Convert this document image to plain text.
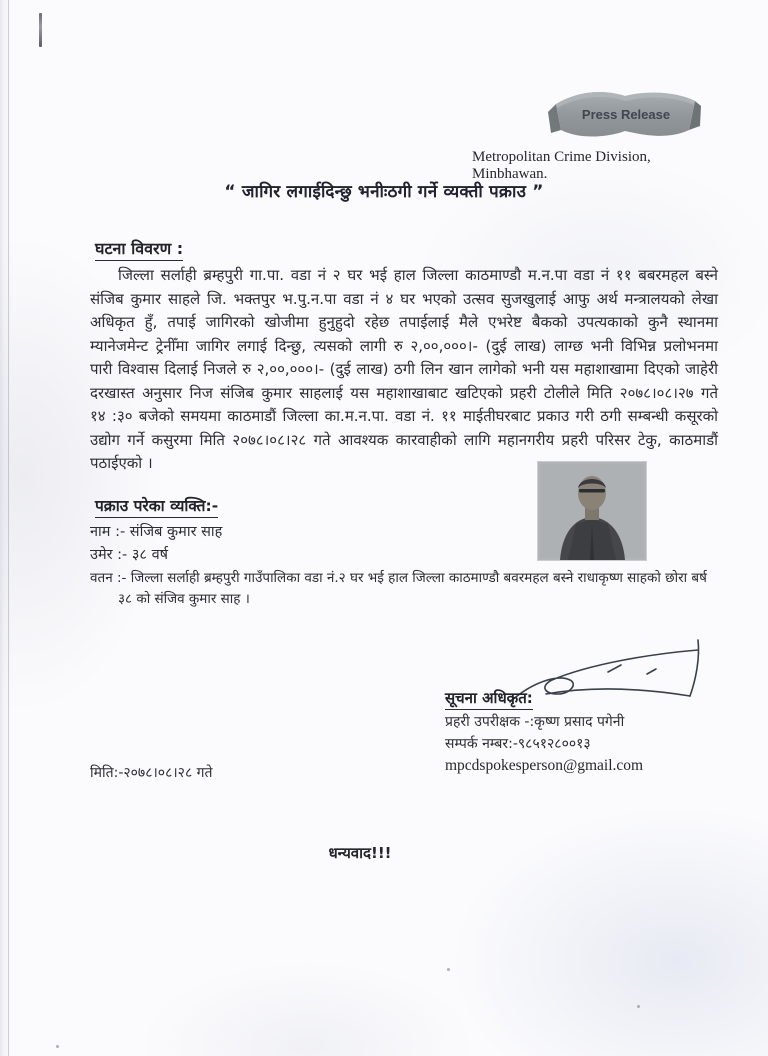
Press Release
Metropolitan Crime Division, Minbhawan.
“ जागिर लगाईदिन्छु भनीःठगी गर्ने व्यक्ती पक्राउ ”
घटना विवरण :
जिल्ला सर्लाही ब्रम्हपुरी गा.पा. वडा नं २ घर भई हाल जिल्ला काठमाण्डौ म.न.पा वडा नं ११ बबरमहल बस्ने
संजिब कुमार साहले जि. भक्तपुर भ.पु.न.पा वडा नं ४ घर भएको उत्सव सुजखुलाई आफु अर्थ मन्त्रालयको लेखा
अधिकृत हुँ, तपाई जागिरको खोजीमा हुनुहुदो रहेछ तपाईलाई मैले एभरेष्ट बैकको उपत्यकाको कुनै स्थानमा
म्यानेजमेन्ट ट्रेनीँमा जागिर लगाई दिन्छु, त्यसको लागी रु २,००,०००।- (दुई लाख) लाग्छ भनी विभिन्न प्रलोभनमा
पारी विश्वास दिलाई निजले रु २,००,०००।- (दुई लाख) ठगी लिन खान लागेको भनी यस महाशाखामा दिएको जाहेरी
दरखास्त अनुसार निज संजिब कुमार साहलाई यस महाशाखाबाट खटिएको प्रहरी टोलीले मिति २०७८।०८।२७ गते
१४ :३० बजेको समयमा काठमाडौं जिल्ला का.म.न.पा. वडा नं. ११ माईतीघरबाट प्रकाउ गरी ठगी सम्बन्धी कसूरको
उद्योग गर्ने कसुरमा मिति २०७८।०८।२८ गते आवश्यक कारवाहीको लागि महानगरीय प्रहरी परिसर टेकु, काठमाडौं
पठाईएको ।
पक्राउ परेका व्यक्ति:-
नाम :- संजिब कुमार साह
उमेर :- ३८ वर्ष
वतन :- जिल्ला सर्लाही ब्रम्हपुरी गाउँपालिका वडा नं.२ घर भई हाल जिल्ला काठमाण्डौ बवरमहल बस्ने राधाकृष्ण साहको छोरा बर्ष
३८ को संजिव कुमार साह ।
सूचना अधिकृत:
प्रहरी उपरीक्षक -:कृष्ण प्रसाद पगेनी
सम्पर्क नम्बर:-९८५१२८००१३
mpcdspokesperson@gmail.com
मिति:-२०७८।०८।२८ गते
धन्यवाद!!!
